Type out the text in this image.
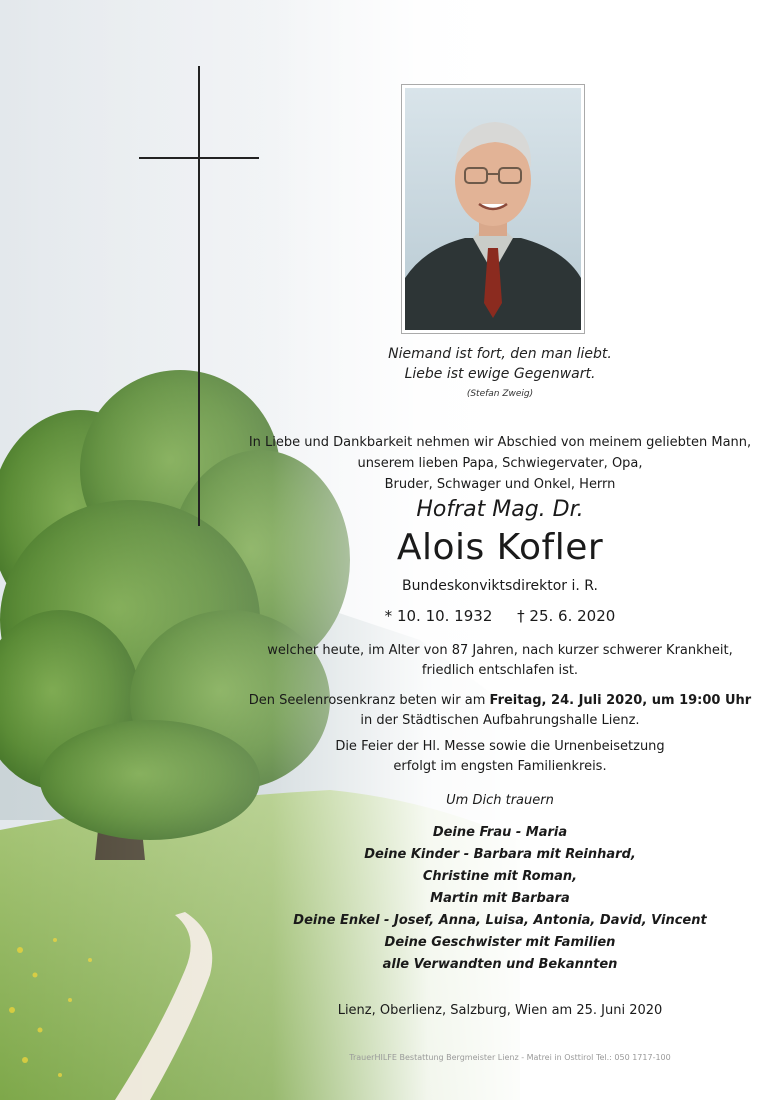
Niemand ist fort, den man liebt.
Liebe ist ewige Gegenwart.
(Stefan Zweig)
In Liebe und Dankbarkeit nehmen wir Abschied von meinem geliebten Mann,
unserem lieben Papa, Schwiegervater, Opa,
Bruder, Schwager und Onkel, Herrn
Hofrat Mag. Dr.
Alois Kofler
Bundeskonviktsdirektor i. R.
* 10. 10. 1932 † 25. 6. 2020
welcher heute, im Alter von 87 Jahren, nach kurzer schwerer Krankheit,
friedlich entschlafen ist.
Den Seelenrosenkranz beten wir am Freitag, 24. Juli 2020, um 19:00 Uhr
in der Städtischen Aufbahrungshalle Lienz.
Die Feier der Hl. Messe sowie die Urnenbeisetzung
erfolgt im engsten Familienkreis.
Um Dich trauern
Deine Frau - Maria
Deine Kinder - Barbara mit Reinhard,
Christine mit Roman,
Martin mit Barbara
Deine Enkel - Josef, Anna, Luisa, Antonia, David, Vincent
Deine Geschwister mit Familien
alle Verwandten und Bekannten
Lienz, Oberlienz, Salzburg, Wien am 25. Juni 2020
TrauerHILFE Bestattung Bergmeister Lienz - Matrei in Osttirol Tel.: 050 1717-100
